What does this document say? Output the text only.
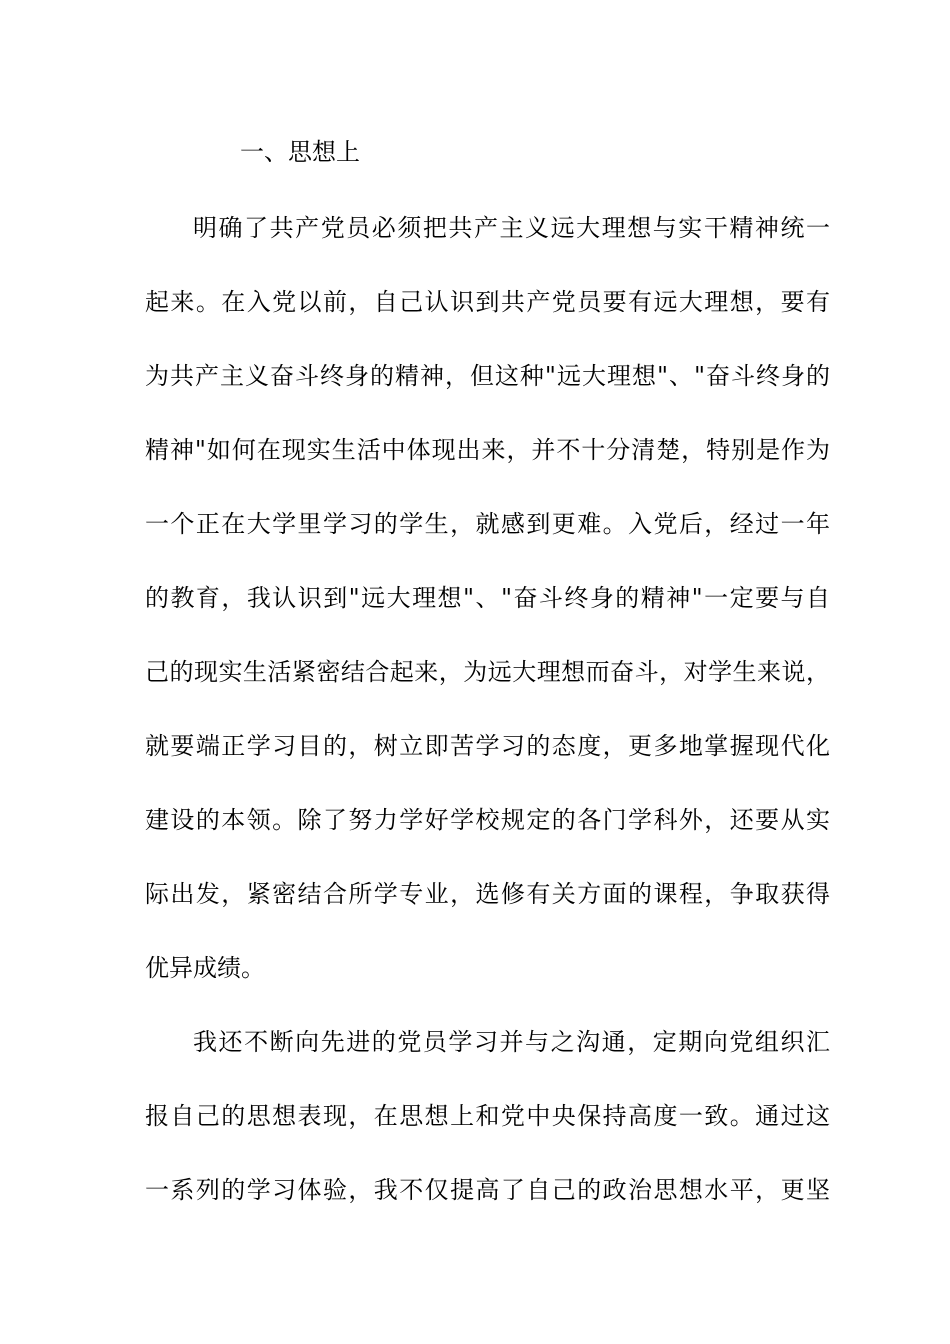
一、思想上

明确了共产党员必须把共产主义远大理想与实干精神统一

起来。在入党以前，自己认识到共产党员要有远大理想，要有

为共产主义奋斗终身的精神，但这种"远大理想"、"奋斗终身的

精神"如何在现实生活中体现出来，并不十分清楚，特别是作为

一个正在大学里学习的学生，就感到更难。入党后，经过一年

的教育，我认识到"远大理想"、"奋斗终身的精神"一定要与自

己的现实生活紧密结合起来，为远大理想而奋斗，对学生来说，

就要端正学习目的，树立即苦学习的态度，更多地掌握现代化

建设的本领。除了努力学好学校规定的各门学科外，还要从实

际出发，紧密结合所学专业，选修有关方面的课程，争取获得

优异成绩。

我还不断向先进的党员学习并与之沟通，定期向党组织汇

报自己的思想表现，在思想上和党中央保持高度一致。通过这

一系列的学习体验，我不仅提高了自己的政治思想水平，更坚
